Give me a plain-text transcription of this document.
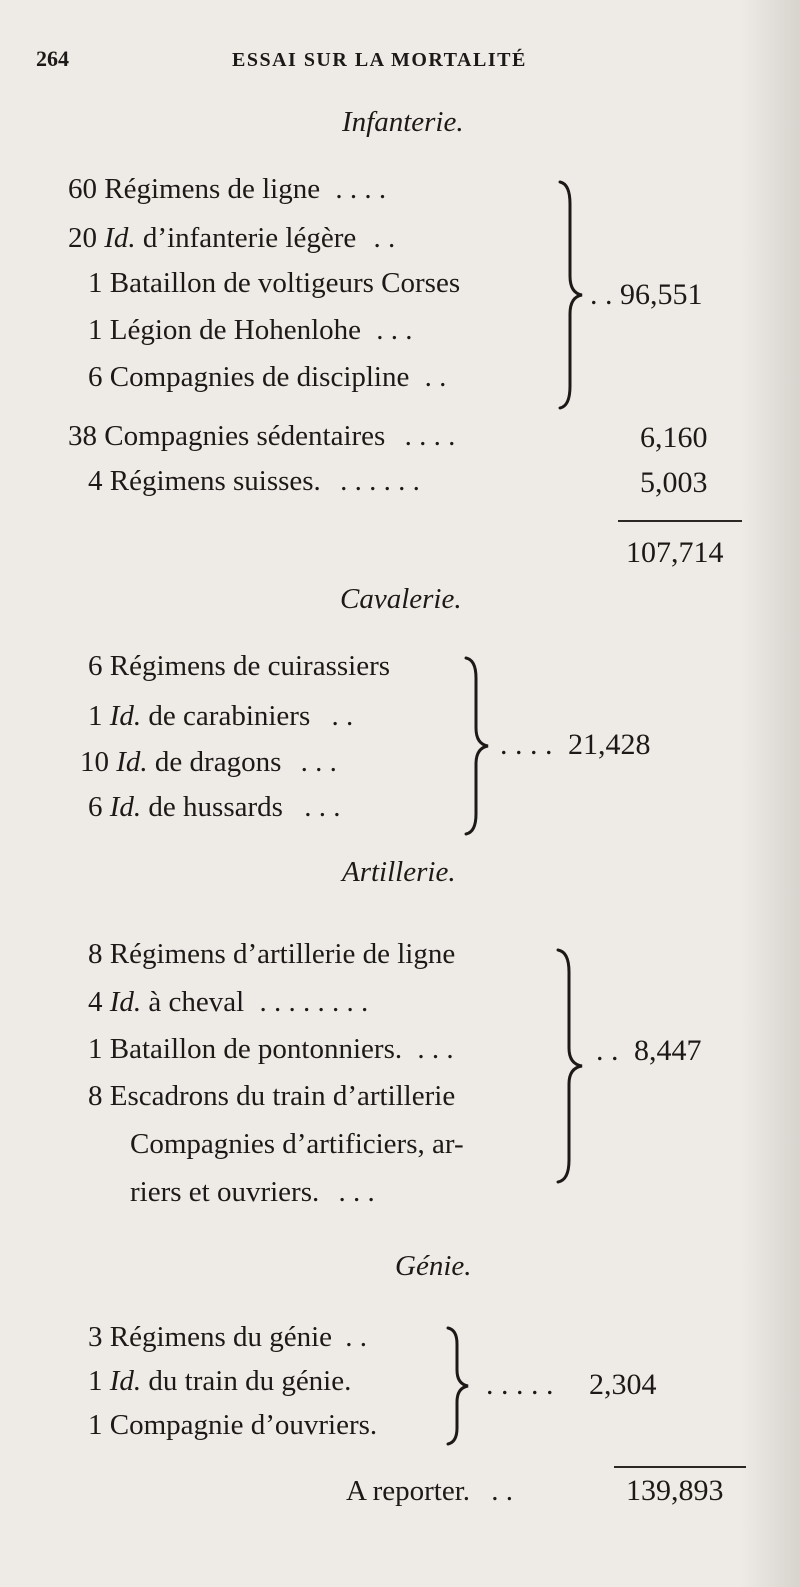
264	ESSAI SUR LA MORTALITÉ
Infanterie.
60 Régimens de ligne . . . .
20 Id. d’infanterie légère . .
1 Bataillon de voltigeurs Corses
1 Légion de Hohenlohe . . .
6 Compagnies de discipline . .
. . 96,551
38 Compagnies sédentaires . . . .	6,160
4 Régimens suisses. . . . . . .	5,003
107,714
Cavalerie.
6 Régimens de cuirassiers
1 Id. de carabiniers . .
10 Id. de dragons . . .
6 Id. de hussards . . .
. . . . 21,428
Artillerie.
8 Régimens d’artillerie de ligne
4 Id. à cheval . . . . . . . .
1 Bataillon de pontonniers. . . .
8 Escadrons du train d’artillerie
Compagnies d’artificiers, ar-
riers et ouvriers. . . .
. . 8,447
Génie.
3 Régimens du génie . .
1 Id. du train du génie.
1 Compagnie d’ouvriers.
. . . . . 2,304
A reporter. . .	139,893
